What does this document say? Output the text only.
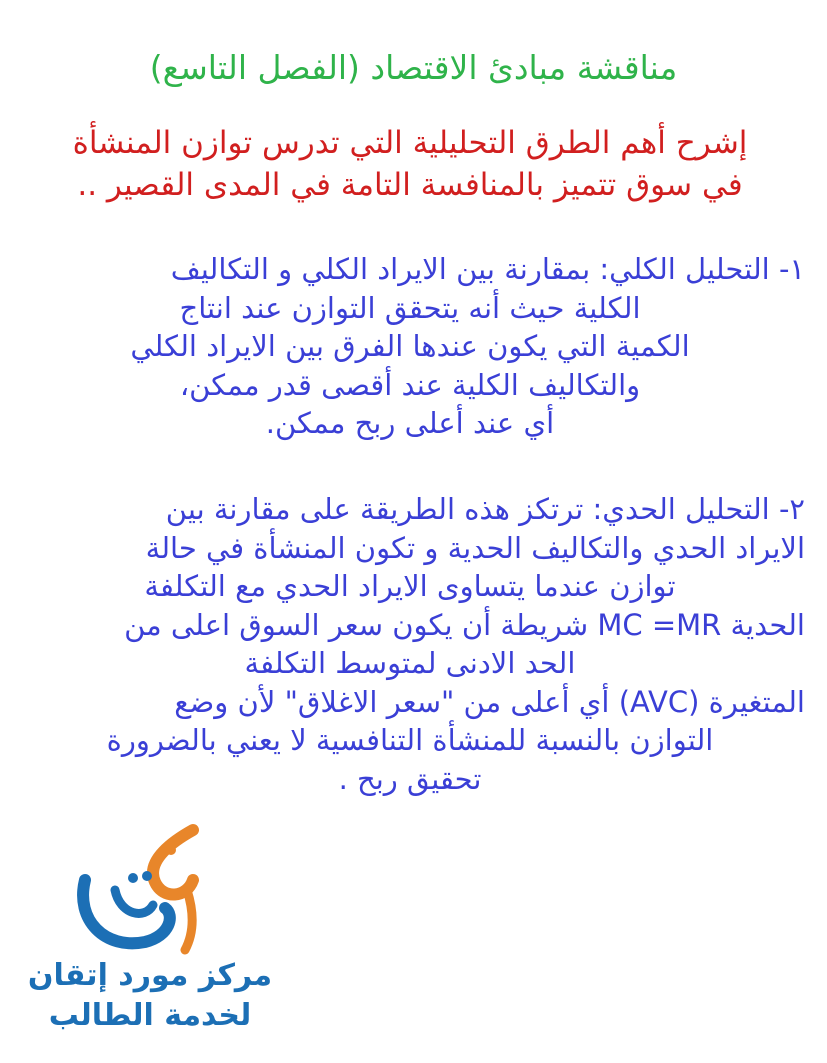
مناقشة مبادئ الاقتصاد (الفصل التاسع)
إشرح أهم الطرق التحليلية التي تدرس توازن المنشأة
في سوق تتميز بالمنافسة التامة في المدى القصير ..
١- التحليل الكلي: بمقارنة بين الايراد الكلي و التكاليف
الكلية حيث أنه يتحقق التوازن عند انتاج
الكمية التي يكون عندها الفرق بين الايراد الكلي
والتكاليف الكلية عند أقصى قدر ممكن،
أي عند أعلى ربح ممكن.
٢- التحليل الحدي: ترتكز هذه الطريقة على مقارنة بين
الايراد الحدي والتكاليف الحدية و تكون المنشأة في حالة
توازن عندما يتساوى الايراد الحدي مع التكلفة
الحدية MC =MR شريطة أن يكون سعر السوق اعلى من
الحد الادنى لمتوسط التكلفة
المتغيرة (AVC) أي أعلى من "سعر الاغلاق" لأن وضع
التوازن بالنسبة للمنشأة التنافسية لا يعني بالضرورة
تحقيق ربح .
مركز مورد إتقان
لخدمة الطالب
